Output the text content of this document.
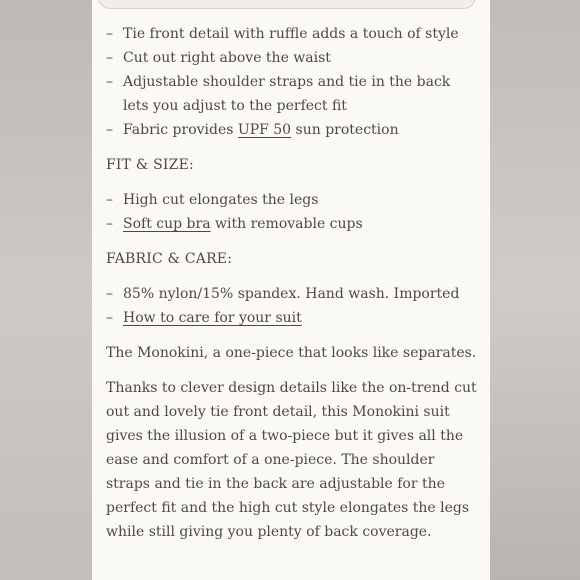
– Tie front detail with ruffle adds a touch of style
– Cut out right above the waist
– Adjustable shoulder straps and tie in the back lets you adjust to the perfect fit
– Fabric provides UPF 50 sun protection
FIT & SIZE:
– High cut elongates the legs
– Soft cup bra with removable cups
FABRIC & CARE:
– 85% nylon/15% spandex. Hand wash. Imported
– How to care for your suit

The Monokini, a one-piece that looks like separates.

Thanks to clever design details like the on-trend cut out and lovely tie front detail, this Monokini suit gives the illusion of a two-piece but it gives all the ease and comfort of a one-piece. The shoulder straps and tie in the back are adjustable for the perfect fit and the high cut style elongates the legs while still giving you plenty of back coverage.
